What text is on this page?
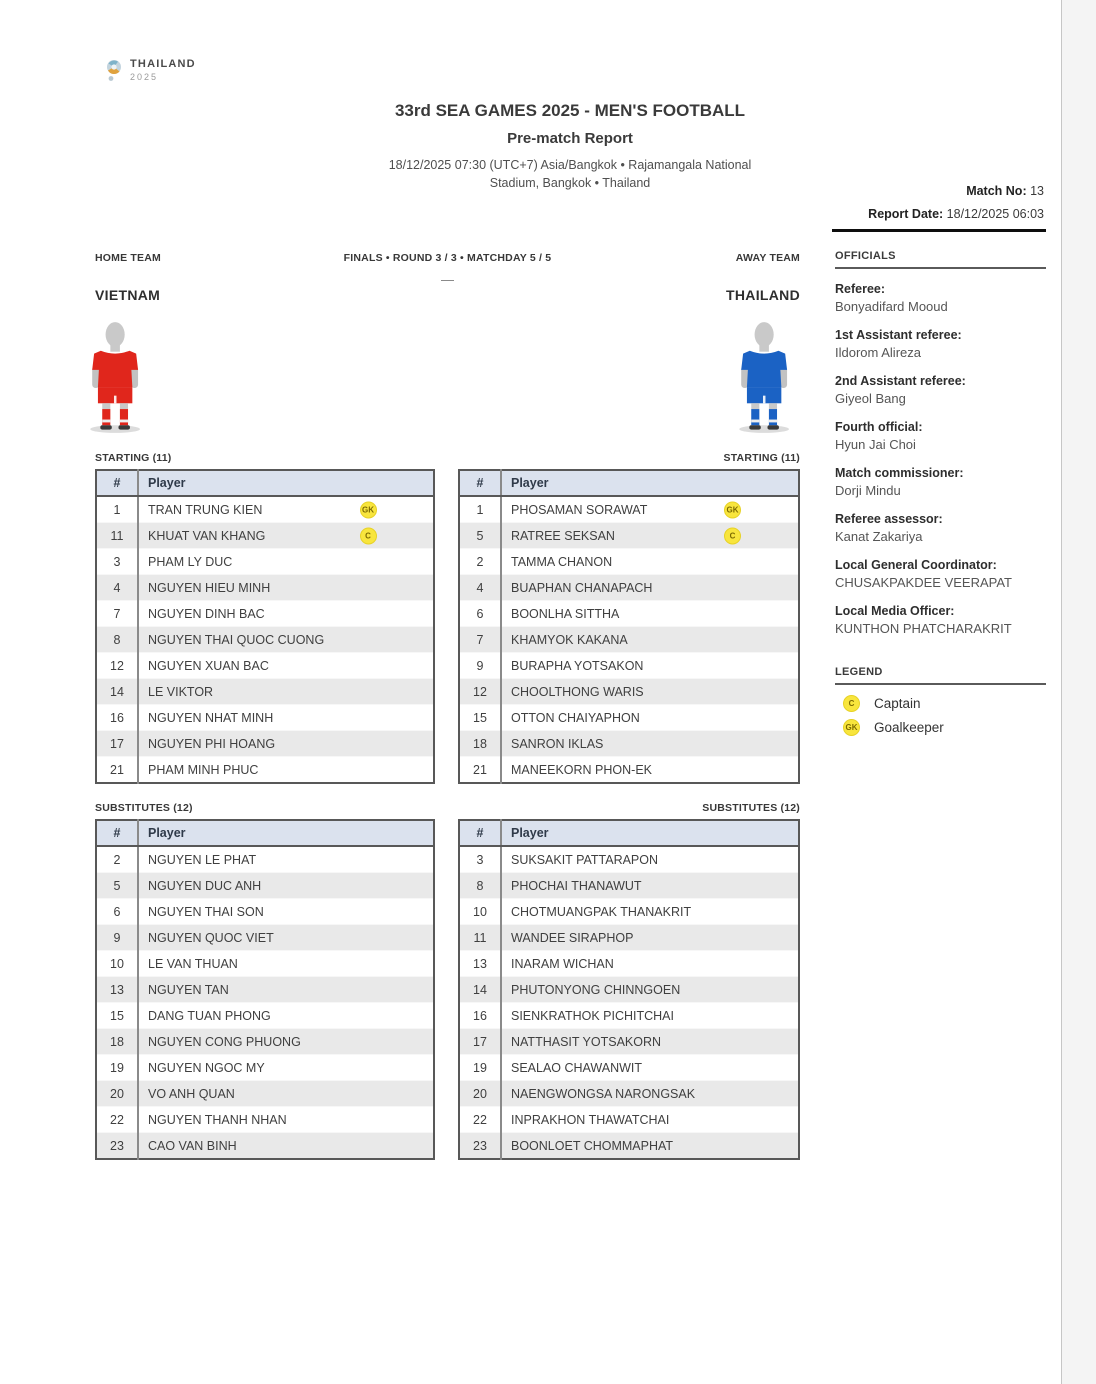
THAILAND
2025
33rd SEA GAMES 2025 - MEN'S FOOTBALL
Pre-match Report
18/12/2025 07:30 (UTC+7) Asia/Bangkok • Rajamangala National
Stadium, Bangkok • Thailand
Match No: 13
Report Date: 18/12/2025 06:03
HOME TEAM	FINALS • ROUND 3 / 3 • MATCHDAY 5 / 5	AWAY TEAM
—
VIETNAM	THAILAND
STARTING (11)
#	Player
1	TRAN TRUNG KIEN GK

11	KHUAT VAN KHANG C

3	PHAM LY DUC
4	NGUYEN HIEU MINH
7	NGUYEN DINH BAC
8	NGUYEN THAI QUOC CUONG
12	NGUYEN XUAN BAC
14	LE VIKTOR
16	NGUYEN NHAT MINH
17	NGUYEN PHI HOANG
21	PHAM MINH PHUC
SUBSTITUTES (12)
#	Player
2	NGUYEN LE PHAT
5	NGUYEN DUC ANH
6	NGUYEN THAI SON
9	NGUYEN QUOC VIET
10	LE VAN THUAN
13	NGUYEN TAN
15	DANG TUAN PHONG
18	NGUYEN CONG PHUONG
19	NGUYEN NGOC MY
20	VO ANH QUAN
22	NGUYEN THANH NHAN
23	CAO VAN BINH
STARTING (11)
#	Player
1	PHOSAMAN SORAWAT GK

5	RATREE SEKSAN C

2	TAMMA CHANON
4	BUAPHAN CHANAPACH
6	BOONLHA SITTHA
7	KHAMYOK KAKANA
9	BURAPHA YOTSAKON
12	CHOOLTHONG WARIS
15	OTTON CHAIYAPHON
18	SANRON IKLAS
21	MANEEKORN PHON-EK
SUBSTITUTES (12)
#	Player
3	SUKSAKIT PATTARAPON
8	PHOCHAI THANAWUT
10	CHOTMUANGPAK THANAKRIT
11	WANDEE SIRAPHOP
13	INARAM WICHAN
14	PHUTONYONG CHINNGOEN
16	SIENKRATHOK PICHITCHAI
17	NATTHASIT YOTSAKORN
19	SEALAO CHAWANWIT
20	NAENGWONGSA NARONGSAK
22	INPRAKHON THAWATCHAI
23	BOONLOET CHOMMAPHAT
OFFICIALS
Referee:
Bonyadifard Mooud
1st Assistant referee:
Ildorom Alireza
2nd Assistant referee:
Giyeol Bang
Fourth official:
Hyun Jai Choi
Match commissioner:
Dorji Mindu
Referee assessor:
Kanat Zakariya
Local General Coordinator:
CHUSAKPAKDEE VEERAPAT
Local Media Officer:
KUNTHON PHATCHARAKRIT
LEGEND
C	Captain
GK Goalkeeper
